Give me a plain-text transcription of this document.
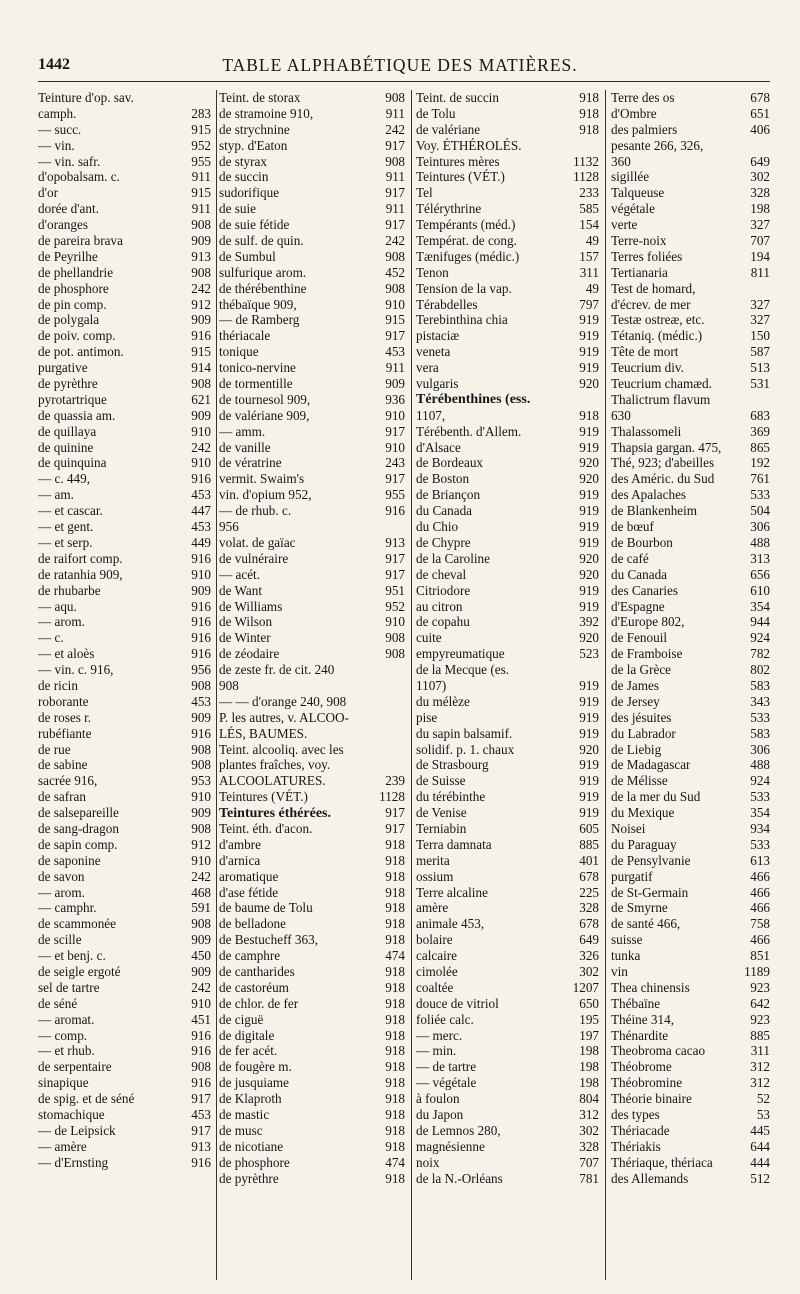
1442	TABLE ALPHABÉTIQUE DES MATIÈRES.
Teinture d'op. sav.
camph.	283
— succ.	915
— vin.	952
— vin. safr.	955
d'opobalsam. c.	911
d'or	915
dorée d'ant.	911
d'oranges	908
de pareira brava	909
de Peyrilhe	913
de phellandrie	908
de phosphore	242
de pin comp.	912
de polygala	909
de poiv. comp.	916
de pot. antimon.	915
purgative	914
de pyrèthre	908
pyrotartrique	621
de quassia am.	909
de quillaya	910
de quinine	242
de quinquina	910
— c. 449,	916
— am.	453
— et cascar.	447
— et gent.	453
— et serp.	449
de raifort comp.	916
de ratanhia 909,	910
de rhubarbe	909
— aqu.	916
— arom.	916
— c.	916
— et aloès	916
— vin. c. 916,	956
de ricin	908
roborante	453
de roses r.	909
rubéfiante	916
de rue	908
de sabine	908
sacrée 916,	953
de safran	910
de salsepareille	909
de sang-dragon	908
de sapin comp.	912
de saponine	910
de savon	242
— arom.	468
— camphr.	591
de scammonée	908
de scille	909
— et benj. c.	450
de seigle ergoté	909
sel de tartre	242
de séné	910
— aromat.	451
— comp.	916
— et rhub.	916
de serpentaire	908
sinapique	916
de spig. et de séné	917
stomachique	453
— de Leipsick	917
— amère	913
— d'Ernsting	916
Teint. de storax	908
de stramoine 910,	911
de strychnine	242
styp. d'Eaton	917
de styrax	908
de succin	911
sudorifique	917
de suie	911
de suie fétide	917
de sulf. de quin.	242
de Sumbul	908
sulfurique arom.	452
de thérébenthine	908
thébaïque 909,	910
— de Ramberg	915
thériacale	917
tonique	453
tonico-nervine	911
de tormentille	909
de tournesol 909,	936
de valériane 909,	910
— amm.	917
de vanille	910
de vératrine	243
vermit. Swaim's	917
vin. d'opium 952,	955
— de rhub. c.	916
956
volat. de gaïac	913
de vulnéraire	917
— acét.	917
de Want	951
de Williams	952
de Wilson	910
de Winter	908
de zéodaire	908
de zeste fr. de cit. 240
908
— — d'orange 240, 908
P. les autres, v. ALCOO-
LÉS, BAUMES.
Teint. alcooliq. avec les
plantes fraîches, voy.
ALCOOLATURES.	239
Teintures (VÉT.)	1128
Teintures éthérées.	917
Teint. éth. d'acon.	917
d'ambre	918
d'arnica	918
aromatique	918
d'ase fétide	918
de baume de Tolu	918
de belladone	918
de Bestucheff 363,	918
de camphre	474
de cantharides	918
de castoréum	918
de chlor. de fer	918
de ciguë	918
de digitale	918
de fer acét.	918
de fougère m.	918
de jusquiame	918
de Klaproth	918
de mastic	918
de musc	918
de nicotiane	918
de phosphore	474
de pyrèthre	918
Teint. de succin	918
de Tolu	918
de valériane	918
Voy. ÉTHÉROLÉS.
Teintures mères	1132
Teintures (VÉT.)	1128
Tel	233
Télérythrine	585
Tempérants (méd.)	154
Températ. de cong.	49
Tænifuges (médic.)	157
Tenon	311
Tension de la vap.	49
Térabdelles	797
Terebinthina chia	919
pistaciæ	919
veneta	919
vera	919
vulgaris	920
Térébenthines (ess.
1107,	918
Térébenth. d'Allem.	919
d'Alsace	919
de Bordeaux	920
de Boston	920
de Briançon	919
du Canada	919
du Chio	919
de Chypre	919
de la Caroline	920
de cheval	920
Citriodore	919
au citron	919
de copahu	392
cuite	920
empyreumatique	523
de la Mecque (es.
1107)	919
du mélèze	919
pise	919
du sapin balsamif.	919
solidif. p. 1. chaux	920
de Strasbourg	919
de Suisse	919
du térébinthe	919
de Venise	919
Terniabin	605
Terra damnata	885
merita	401
ossium	678
Terre alcaline	225
amère	328
animale 453,	678
bolaire	649
calcaire	326
cimolée	302
coaltée	1207
douce de vitriol	650
foliée calc.	195
— merc.	197
— min.	198
— de tartre	198
— végétale	198
à foulon	804
du Japon	312
de Lemnos 280,	302
magnésienne	328
noix	707
de la N.-Orléans	781
Terre des os	678
d'Ombre	651
des palmiers	406
pesante 266, 326,
360	649
sigillée	302
Talqueuse	328
végétale	198
verte	327
Terre-noix	707
Terres foliées	194
Tertianaria	811
Test de homard,
d'écrev. de mer	327
Testæ ostreæ, etc.	327
Tétaniq. (médic.)	150
Tête de mort	587
Teucrium div.	513
Teucrium chamæd.	531
Thalictrum flavum
630	683
Thalassomeli	369
Thapsia gargan. 475, 865
Thé, 923; d'abeilles	192
des Améric. du Sud	761
des Apalaches	533
de Blankenheim	504
de bœuf	306
de Bourbon	488
de café	313
du Canada	656
des Canaries	610
d'Espagne	354
d'Europe 802,	944
de Fenouil	924
de Framboise	782
de la Grèce	802
de James	583
de Jersey	343
des jésuites	533
du Labrador	583
de Liebig	306
de Madagascar	488
de Mélisse	924
de la mer du Sud	533
du Mexique	354
Noisei	934
du Paraguay	533
de Pensylvanie	613
purgatif	466
de St-Germain	466
de Smyrne	466
de santé 466,	758
suisse	466
tunka	851
vin	1189
Thea chinensis	923
Thébaïne	642
Théine 314,	923
Thénardite	885
Theobroma cacao	311
Théobrome	312
Théobromine	312
Théorie binaire	52
des types	53
Thériacade	445
Thériakis	644
Thériaque, thériaca	444
des Allemands	512
